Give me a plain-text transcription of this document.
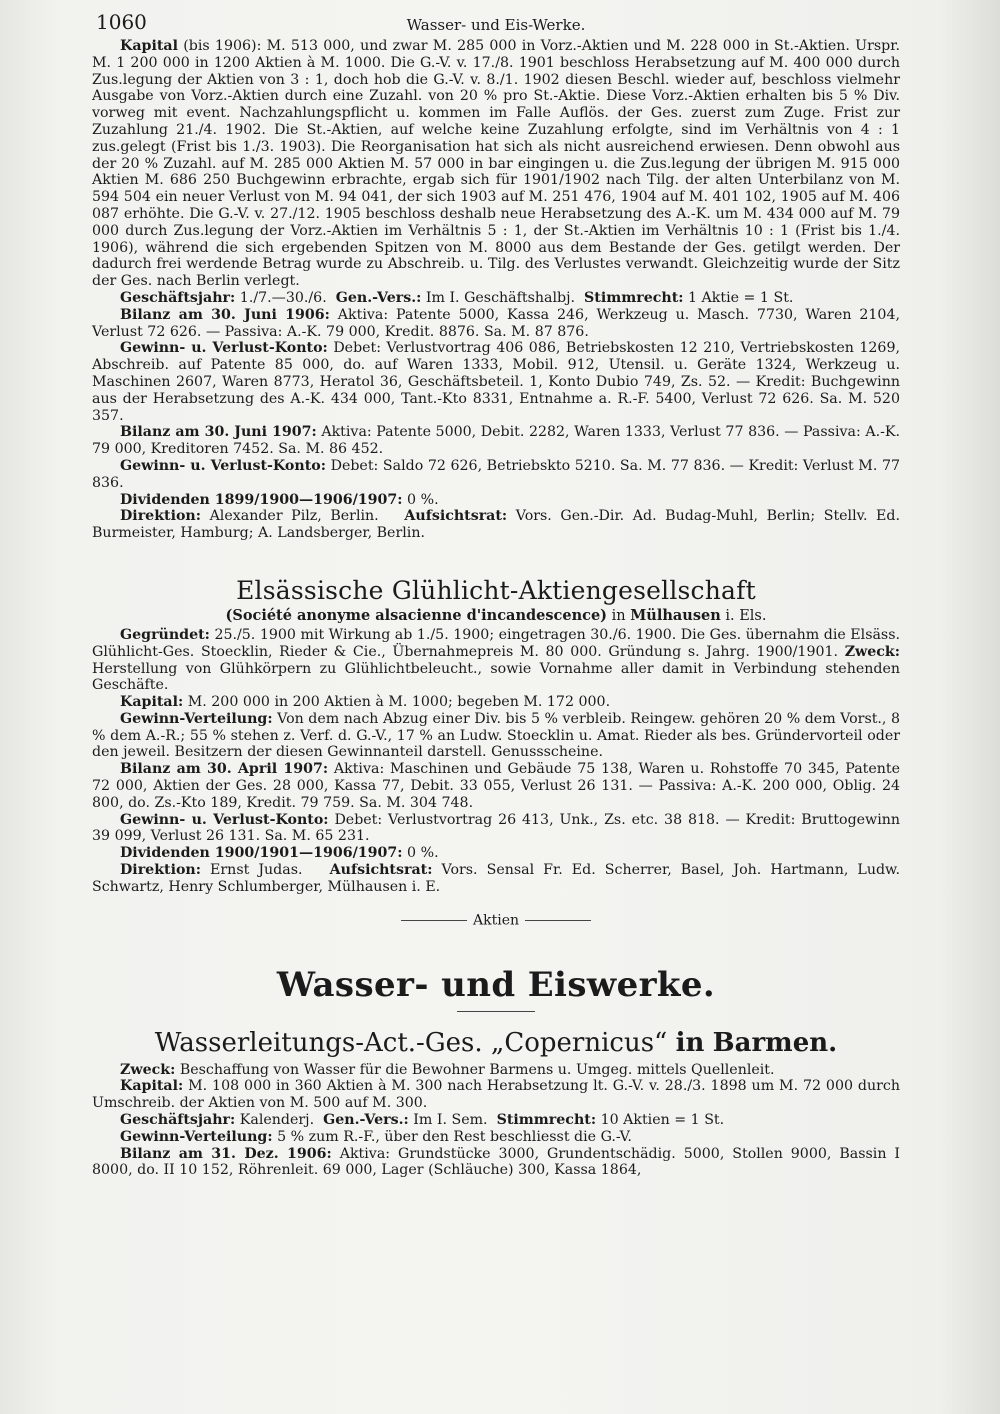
1060	Wasser- und Eis-Werke.

Kapital (bis 1906): M. 513 000, und zwar M. 285 000 in Vorz.-Aktien und M. 228 000 in St.-Aktien. Urspr. M. 1 200 000 in 1200 Aktien à M. 1000. Die G.-V. v. 17./8. 1901 beschloss Herabsetzung auf M. 400 000 durch Zus.legung der Aktien von 3 : 1, doch hob die G.-V. v. 8./1. 1902 diesen Beschl. wieder auf, beschloss vielmehr Ausgabe von Vorz.-Aktien durch eine Zuzahl. von 20 % pro St.-Aktie. Diese Vorz.-Aktien erhalten bis 5 % Div. vorweg mit event. Nachzahlungspflicht u. kommen im Falle Auflös. der Ges. zuerst zum Zuge. Frist zur Zuzahlung 21./4. 1902. Die St.-Aktien, auf welche keine Zuzahlung erfolgte, sind im Verhältnis von 4 : 1 zus.gelegt (Frist bis 1./3. 1903). Die Reorganisation hat sich als nicht ausreichend erwiesen. Denn obwohl aus der 20 % Zuzahl. auf M. 285 000 Aktien M. 57 000 in bar eingingen u. die Zus.legung der übrigen M. 915 000 Aktien M. 686 250 Buchgewinn erbrachte, ergab sich für 1901/1902 nach Tilg. der alten Unterbilanz von M. 594 504 ein neuer Verlust von M. 94 041, der sich 1903 auf M. 251 476, 1904 auf M. 401 102, 1905 auf M. 406 087 erhöhte. Die G.-V. v. 27./12. 1905 beschloss deshalb neue Herabsetzung des A.-K. um M. 434 000 auf M. 79 000 durch Zus.legung der Vorz.-Aktien im Verhältnis 5 : 1, der St.-Aktien im Verhältnis 10 : 1 (Frist bis 1./4. 1906), während die sich ergebenden Spitzen von M. 8000 aus dem Bestande der Ges. getilgt werden. Der dadurch frei werdende Betrag wurde zu Abschreib. u. Tilg. des Verlustes verwandt. Gleichzeitig wurde der Sitz der Ges. nach Berlin verlegt.

Geschäftsjahr: 1./7.—30./6. Gen.-Vers.: Im I. Geschäftshalbj. Stimmrecht: 1 Aktie = 1 St.

Bilanz am 30. Juni 1906: Aktiva: Patente 5000, Kassa 246, Werkzeug u. Masch. 7730, Waren 2104, Verlust 72 626. — Passiva: A.-K. 79 000, Kredit. 8876. Sa. M. 87 876.

Gewinn- u. Verlust-Konto: Debet: Verlustvortrag 406 086, Betriebskosten 12 210, Vertriebskosten 1269, Abschreib. auf Patente 85 000, do. auf Waren 1333, Mobil. 912, Utensil. u. Geräte 1324, Werkzeug u. Maschinen 2607, Waren 8773, Heratol 36, Geschäftsbeteil. 1, Konto Dubio 749, Zs. 52. — Kredit: Buchgewinn aus der Herabsetzung des A.-K. 434 000, Tant.-Kto 8331, Entnahme a. R.-F. 5400, Verlust 72 626. Sa. M. 520 357.

Bilanz am 30. Juni 1907: Aktiva: Patente 5000, Debit. 2282, Waren 1333, Verlust 77 836. — Passiva: A.-K. 79 000, Kreditoren 7452. Sa. M. 86 452.

Gewinn- u. Verlust-Konto: Debet: Saldo 72 626, Betriebskto 5210. Sa. M. 77 836. — Kredit: Verlust M. 77 836.

Dividenden 1899/1900—1906/1907: 0 %.

Direktion: Alexander Pilz, Berlin. Aufsichtsrat: Vors. Gen.-Dir. Ad. Budag-Muhl, Berlin; Stellv. Ed. Burmeister, Hamburg; A. Landsberger, Berlin.

Elsässische Glühlicht-Aktiengesellschaft
(Société anonyme alsacienne d'incandescence) in Mülhausen i. Els.

Gegründet: 25./5. 1900 mit Wirkung ab 1./5. 1900; eingetragen 30./6. 1900. Die Ges. übernahm die Elsäss. Glühlicht-Ges. Stoecklin, Rieder & Cie., Übernahmepreis M. 80 000. Gründung s. Jahrg. 1900/1901. Zweck: Herstellung von Glühkörpern zu Glühlichtbeleucht., sowie Vornahme aller damit in Verbindung stehenden Geschäfte.

Kapital: M. 200 000 in 200 Aktien à M. 1000; begeben M. 172 000.

Gewinn-Verteilung: Von dem nach Abzug einer Div. bis 5 % verbleib. Reingew. gehören 20 % dem Vorst., 8 % dem A.-R.; 55 % stehen z. Verf. d. G.-V., 17 % an Ludw. Stoecklin u. Amat. Rieder als bes. Gründervorteil oder den jeweil. Besitzern der diesen Gewinnanteil darstell. Genussscheine.

Bilanz am 30. April 1907: Aktiva: Maschinen und Gebäude 75 138, Waren u. Rohstoffe 70 345, Patente 72 000, Aktien der Ges. 28 000, Kassa 77, Debit. 33 055, Verlust 26 131. — Passiva: A.-K. 200 000, Oblig. 24 800, do. Zs.-Kto 189, Kredit. 79 759. Sa. M. 304 748.

Gewinn- u. Verlust-Konto: Debet: Verlustvortrag 26 413, Unk., Zs. etc. 38 818. — Kredit: Bruttogewinn 39 099, Verlust 26 131. Sa. M. 65 231.

Dividenden 1900/1901—1906/1907: 0 %.

Direktion: Ernst Judas. Aufsichtsrat: Vors. Sensal Fr. Ed. Scherrer, Basel, Joh. Hartmann, Ludw. Schwartz, Henry Schlumberger, Mülhausen i. E.

Aktien
Wasser- und Eiswerke.
Wasserleitungs-Act.-Ges. „Copernicus“ in Barmen.

Zweck: Beschaffung von Wasser für die Bewohner Barmens u. Umgeg. mittels Quellenleit.

Kapital: M. 108 000 in 360 Aktien à M. 300 nach Herabsetzung lt. G.-V. v. 28./3. 1898 um M. 72 000 durch Umschreib. der Aktien von M. 500 auf M. 300.

Geschäftsjahr: Kalenderj. Gen.-Vers.: Im I. Sem. Stimmrecht: 10 Aktien = 1 St.

Gewinn-Verteilung: 5 % zum R.-F., über den Rest beschliesst die G.-V.

Bilanz am 31. Dez. 1906: Aktiva: Grundstücke 3000, Grundentschädig. 5000, Stollen 9000, Bassin I 8000, do. II 10 152, Röhrenleit. 69 000, Lager (Schläuche) 300, Kassa 1864,
